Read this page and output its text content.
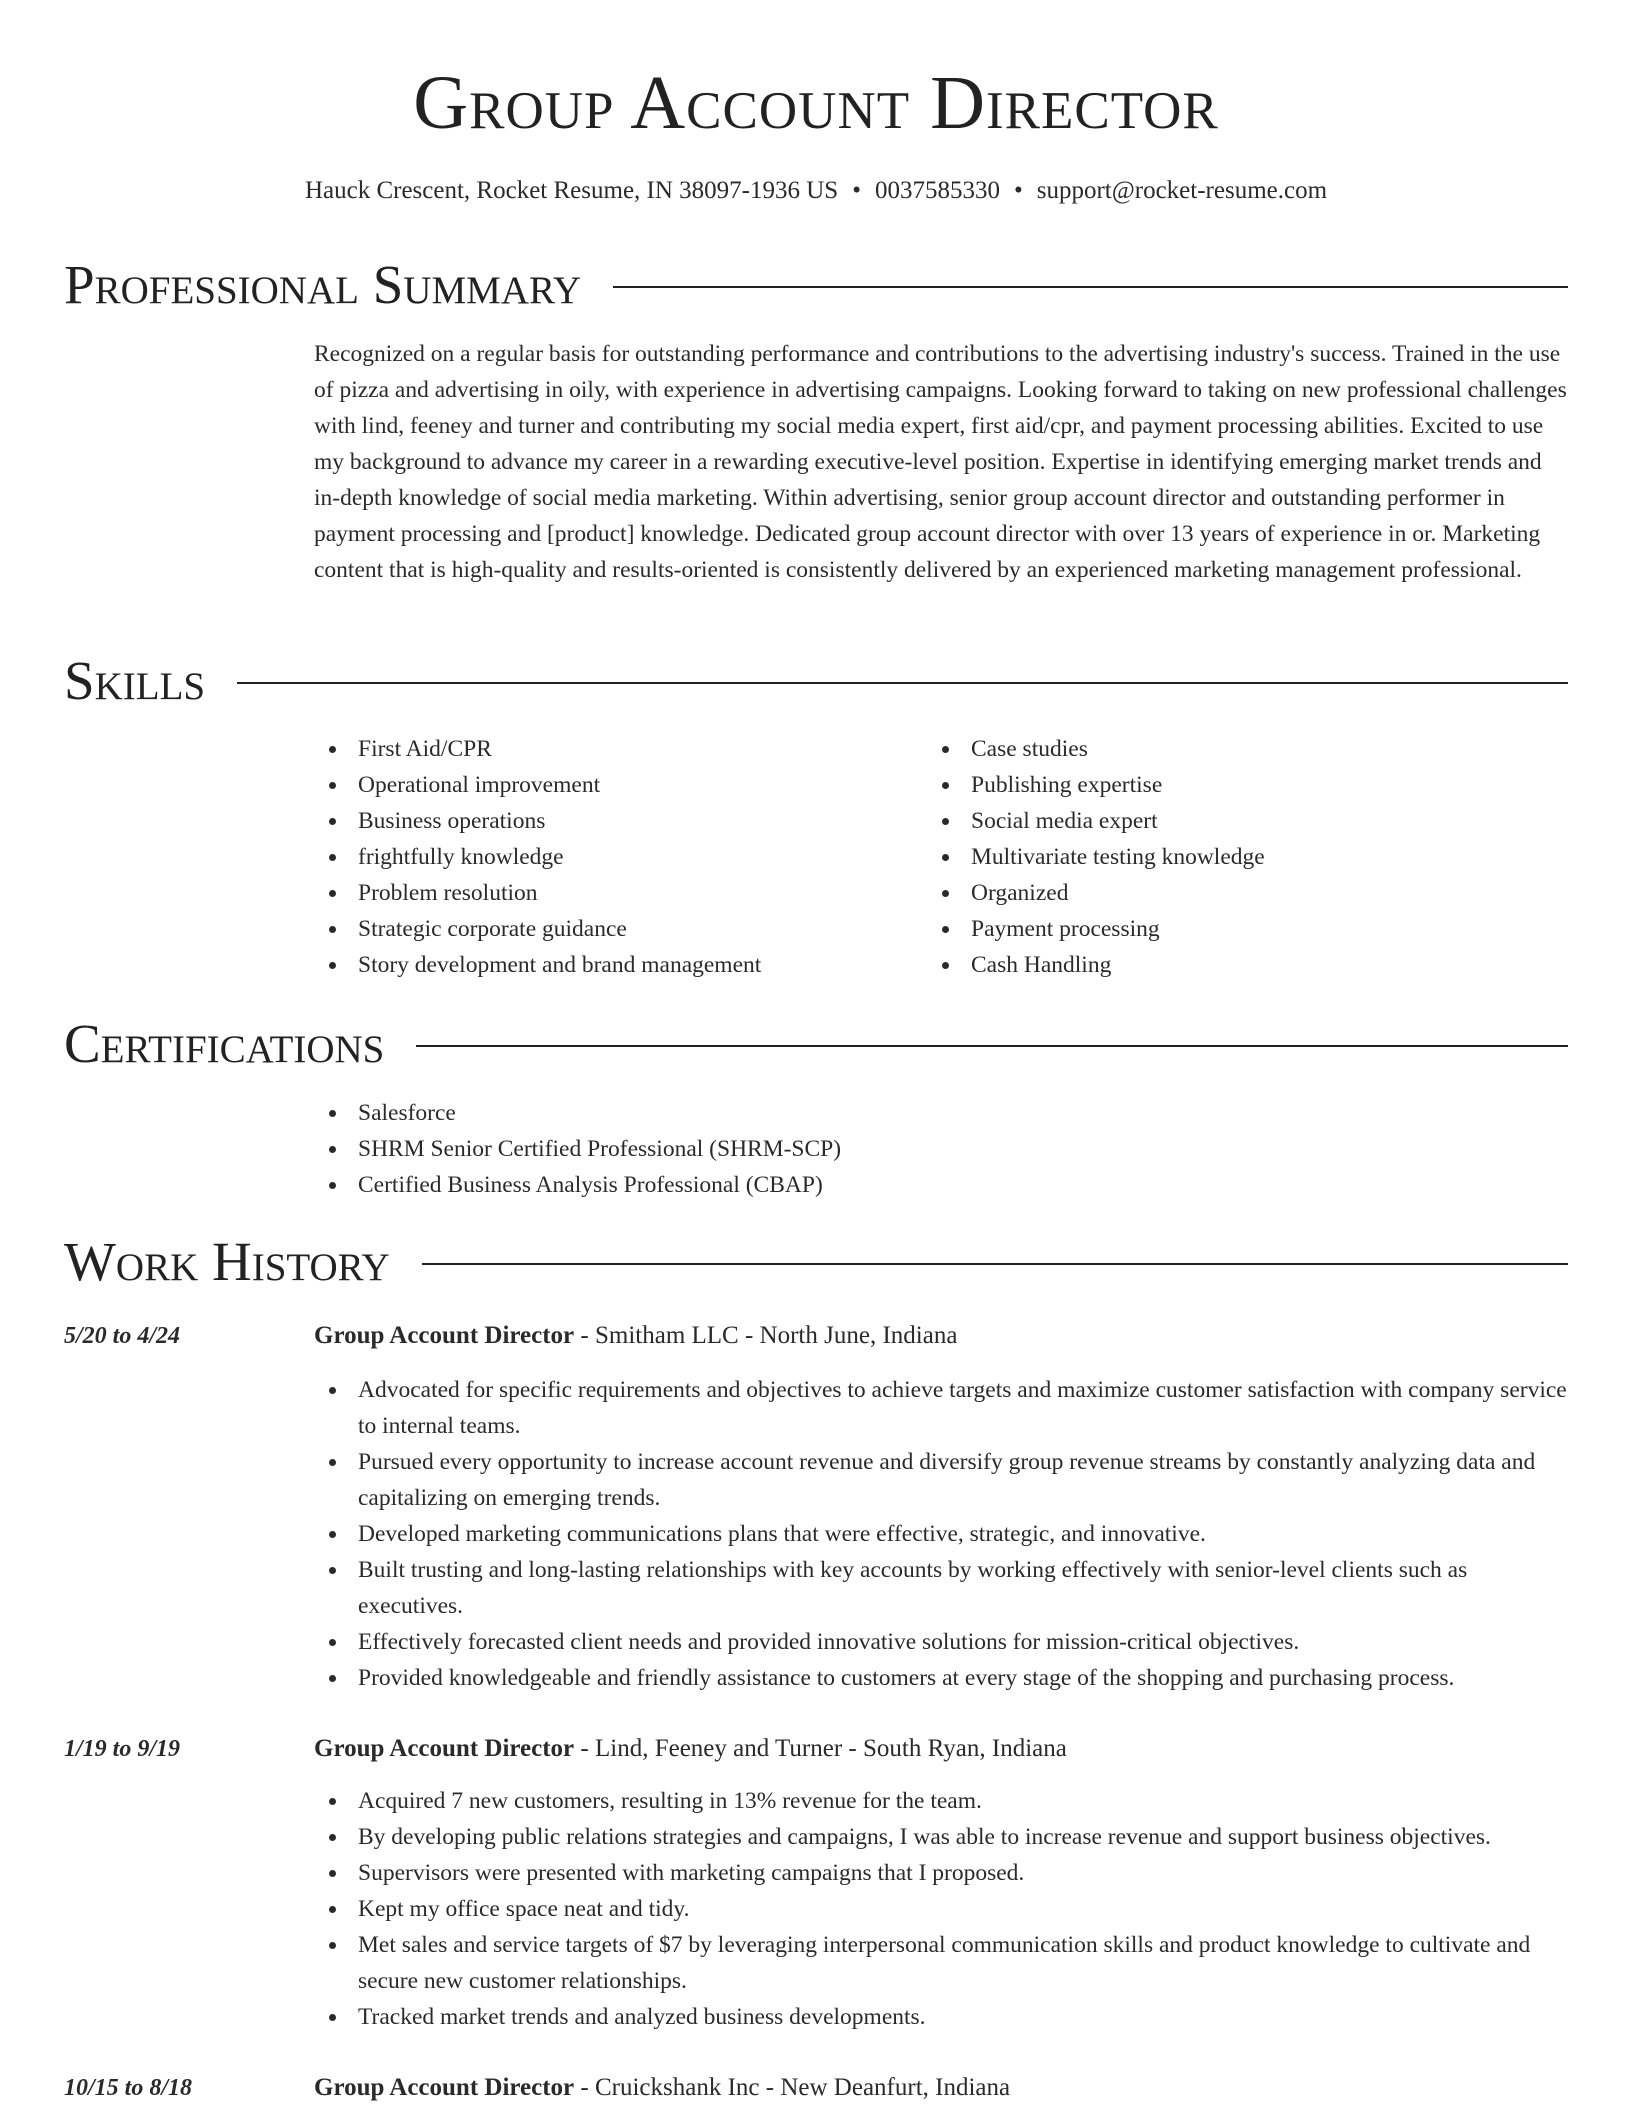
Group Account Director
Hauck Crescent, Rocket Resume, IN 38097-1936 US • 0037585330 • support@rocket-resume.com
Professional Summary

Recognized on a regular basis for outstanding performance and contributions to the advertising industry's success. Trained in the use of pizza and advertising in oily, with experience in advertising campaigns. Looking forward to taking on new professional challenges with lind, feeney and turner and contributing my social media expert, first aid/cpr, and payment processing abilities. Excited to use my background to advance my career in a rewarding executive-level position. Expertise in identifying emerging market trends and in-depth knowledge of social media marketing. Within advertising, senior group account director and outstanding performer in payment processing and [product] knowledge. Dedicated group account director with over 13 years of experience in or. Marketing content that is high-quality and results-oriented is consistently delivered by an experienced marketing management professional.

Skills
First Aid/CPR
Operational improvement
Business operations
frightfully knowledge
Problem resolution
Strategic corporate guidance
Story development and brand management
Case studies
Publishing expertise
Social media expert
Multivariate testing knowledge
Organized
Payment processing
Cash Handling
Certifications
Salesforce
SHRM Senior Certified Professional (SHRM-SCP)
Certified Business Analysis Professional (CBAP)
Work History
5/20 to 4/24	Group Account Director - Smitham LLC - North June, Indiana
Advocated for specific requirements and objectives to achieve targets and maximize customer satisfaction with company service to internal teams.
Pursued every opportunity to increase account revenue and diversify group revenue streams by constantly analyzing data and capitalizing on emerging trends.
Developed marketing communications plans that were effective, strategic, and innovative.
Built trusting and long-lasting relationships with key accounts by working effectively with senior-level clients such as executives.
Effectively forecasted client needs and provided innovative solutions for mission-critical objectives.
Provided knowledgeable and friendly assistance to customers at every stage of the shopping and purchasing process.
1/19 to 9/19	Group Account Director - Lind, Feeney and Turner - South Ryan, Indiana
Acquired 7 new customers, resulting in 13% revenue for the team.
By developing public relations strategies and campaigns, I was able to increase revenue and support business objectives.
Supervisors were presented with marketing campaigns that I proposed.
Kept my office space neat and tidy.
Met sales and service targets of $7 by leveraging interpersonal communication skills and product knowledge to cultivate and secure new customer relationships.
Tracked market trends and analyzed business developments.
10/15 to 8/18	Group Account Director - Cruickshank Inc - New Deanfurt, Indiana
